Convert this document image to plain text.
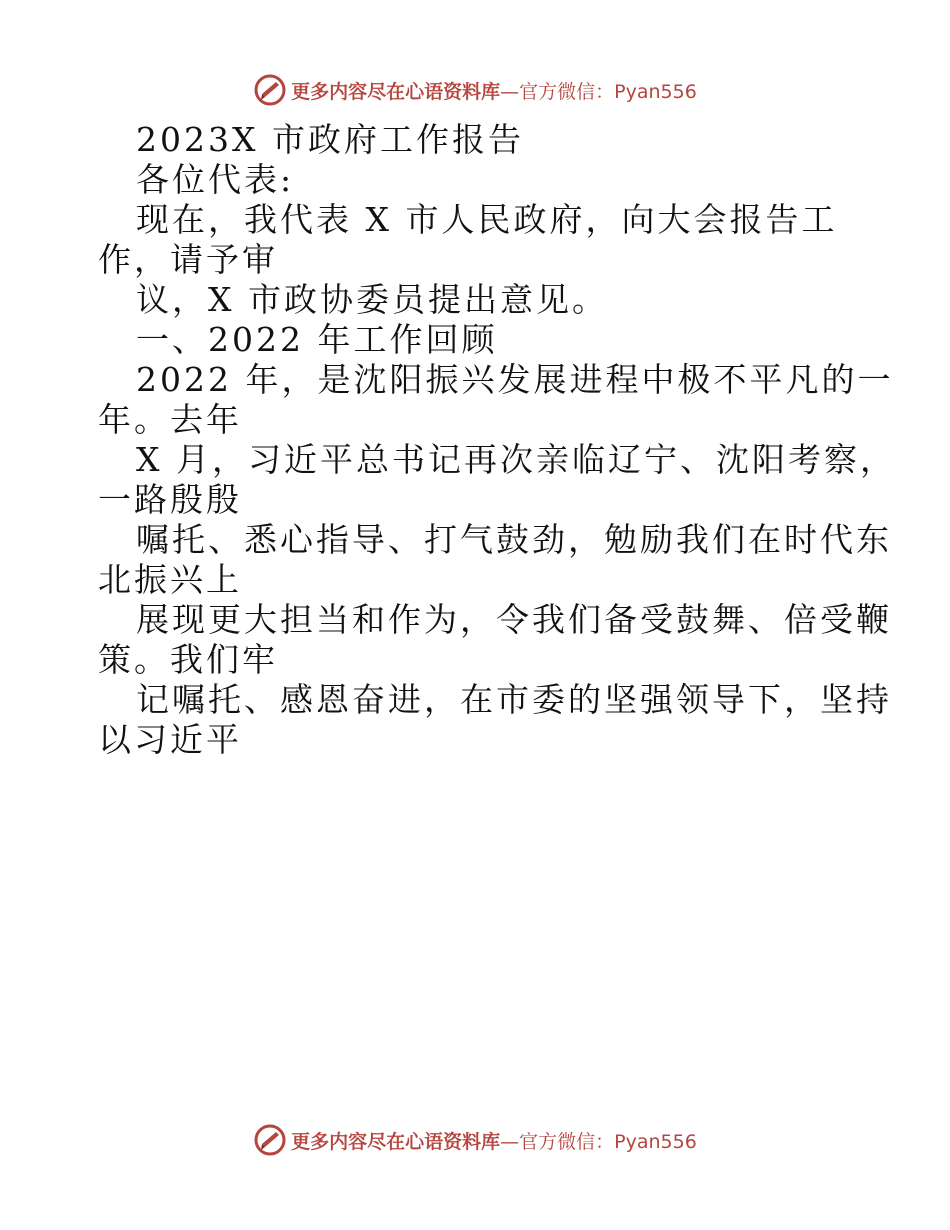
更多内容尽在心语资料库—官方微信：Pyan556
2023X 市政府工作报告
各位代表:
现在，我代表 X 市人民政府，向大会报告工
作，请予审
议，X 市政协委员提出意见。
一、2022 年工作回顾
2022 年，是沈阳振兴发展进程中极不平凡的一
年。去年
X 月，习近平总书记再次亲临辽宁、沈阳考察，
一路殷殷
嘱托、悉心指导、打气鼓劲，勉励我们在时代东
北振兴上
展现更大担当和作为，令我们备受鼓舞、倍受鞭
策。我们牢
记嘱托、感恩奋进，在市委的坚强领导下，坚持
以习近平
更多内容尽在心语资料库—官方微信：Pyan556
